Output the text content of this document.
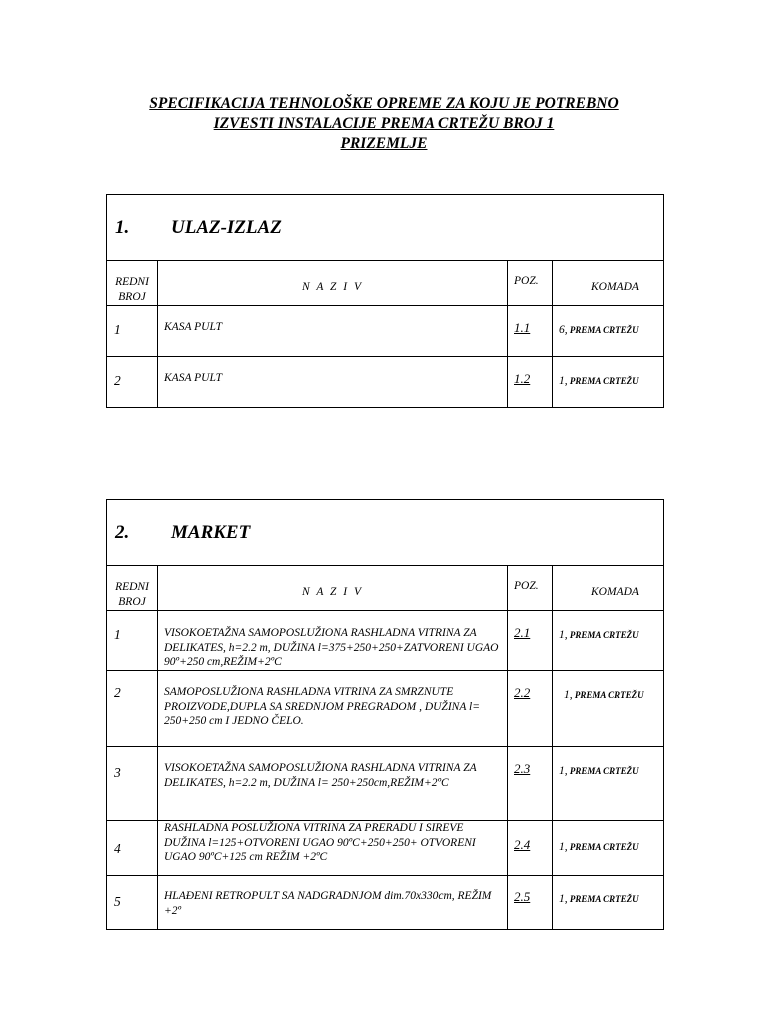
SPECIFIKACIJA TEHNOLOŠKE OPREME ZA KOJU JE POTREBNO
IZVESTI INSTALACIJE PREMA CRTEŽU BROJ 1
PRIZEMLJE
1. ULAZ-IZLAZ			
REDNI BROJ	N A Z I V	POZ.	KOMADA
1	KASA PULT	1.1	6, PREMA CRTEŽU
2	KASA PULT	1.2	1, PREMA CRTEŽU
2. MARKET			
REDNI BROJ	N A Z I V	POZ.	KOMADA
1	VISOKOETAŽNA SAMOPOSLUŽIONA RASHLADNA VITRINA ZA DELIKATES, h=2.2 m, DUŽINA l=375+250+250+ZATVORENI UGAO 90º+250 cm,REŽIM+2ºC	2.1	1, PREMA CRTEŽU
2	SAMOPOSLUŽIONA RASHLADNA VITRINA ZA SMRZNUTE PROIZVODE,DUPLA SA SREDNJOM PREGRADOM , DUŽINA l= 250+250 cm I JEDNO ČELO.	2.2	1, PREMA CRTEŽU
3	VISOKOETAŽNA SAMOPOSLUŽIONA RASHLADNA VITRINA ZA DELIKATES, h=2.2 m, DUŽINA l= 250+250cm,REŽIM+2ºC	2.3	1, PREMA CRTEŽU
4	RASHLADNA POSLUŽIONA VITRINA ZA PRERADU I SIREVE DUŽINA l=125+OTVORENI UGAO 90ºC+250+250+ OTVORENI UGAO 90ºC+125 cm REŽIM +2ºC	2.4	1, PREMA CRTEŽU
5	HLAĐENI RETROPULT SA NADGRADNJOM dim.70x330cm, REŽIM +2º	2.5	1, PREMA CRTEŽU
